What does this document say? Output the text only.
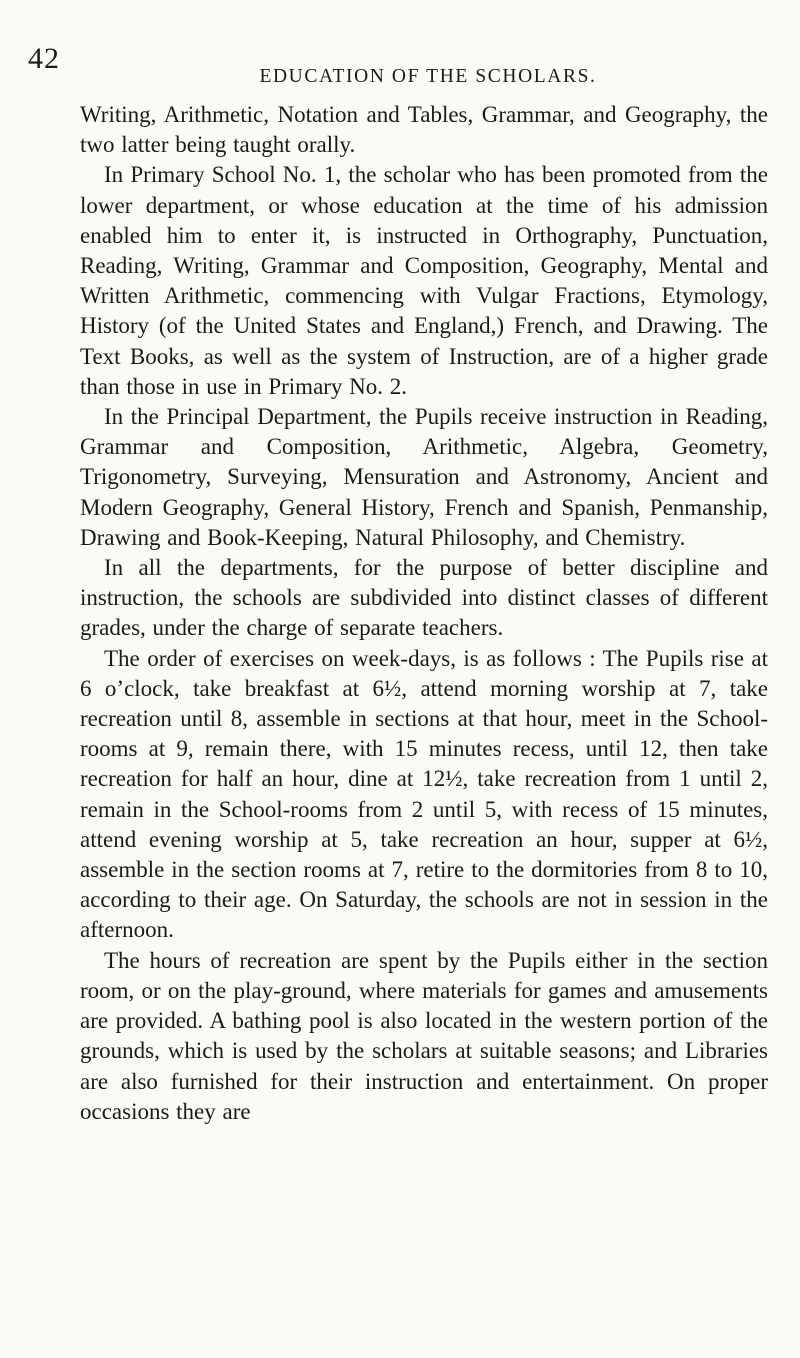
42
EDUCATION OF THE SCHOLARS.

Writing, Arithmetic, Notation and Tables, Grammar, and Geography, the two latter being taught orally.

In Primary School No. 1, the scholar who has been promoted from the lower department, or whose education at the time of his admission enabled him to enter it, is instructed in Orthography, Punctuation, Reading, Writing, Grammar and Composition, Geography, Mental and Written Arithmetic, commencing with Vulgar Fractions, Etymology, History (of the United States and England,) French, and Drawing. The Text Books, as well as the system of Instruction, are of a higher grade than those in use in Primary No. 2.

In the Principal Department, the Pupils receive instruction in Reading, Grammar and Composition, Arithmetic, Algebra, Geometry, Trigonometry, Surveying, Mensuration and Astronomy, Ancient and Modern Geography, General History, French and Spanish, Penmanship, Drawing and Book-Keeping, Natural Philosophy, and Chemistry.

In all the departments, for the purpose of better discipline and instruction, the schools are subdivided into distinct classes of different grades, under the charge of separate teachers.

The order of exercises on week-days, is as follows : The Pupils rise at 6 o’clock, take breakfast at 6½, attend morning worship at 7, take recreation until 8, assemble in sections at that hour, meet in the School-rooms at 9, remain there, with 15 minutes recess, until 12, then take recreation for half an hour, dine at 12½, take recreation from 1 until 2, remain in the School-rooms from 2 until 5, with recess of 15 minutes, attend evening worship at 5, take recreation an hour, supper at 6½, assemble in the section rooms at 7, retire to the dormitories from 8 to 10, according to their age. On Saturday, the schools are not in session in the afternoon.

The hours of recreation are spent by the Pupils either in the section room, or on the play-ground, where materials for games and amusements are provided. A bathing pool is also located in the western portion of the grounds, which is used by the scholars at suitable seasons; and Libraries are also furnished for their instruction and entertainment. On proper occasions they are
